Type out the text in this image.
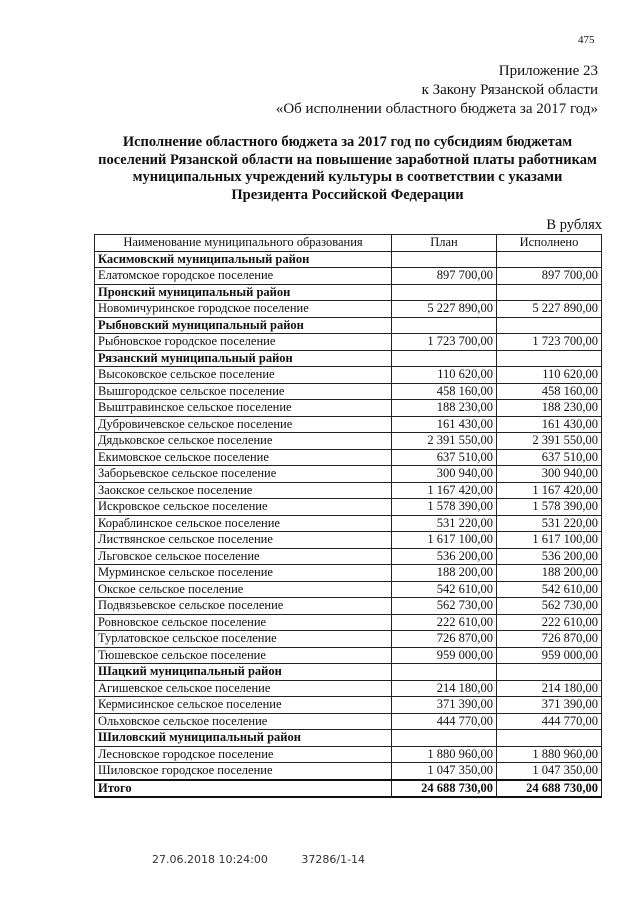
475
Приложение 23
к Закону Рязанской области
«Об исполнении областного бюджета за 2017 год»
Исполнение областного бюджета за 2017 год по субсидиям бюджетам поселений Рязанской области на повышение заработной платы работникам муниципальных учреждений культуры в соответствии с указами Президента Российской Федерации
В рублях
Наименование муниципального образования	План	Исполнено
Касимовский муниципальный район		
Елатомское городское поселение	897 700,00	897 700,00
Пронский муниципальный район		
Новомичуринское городское поселение	5 227 890,00	5 227 890,00
Рыбновский муниципальный район		
Рыбновское городское поселение	1 723 700,00	1 723 700,00
Рязанский муниципальный район		
Высоковское сельское поселение	110 620,00	110 620,00
Вышгородское сельское поселение	458 160,00	458 160,00
Выштравинское сельское поселение	188 230,00	188 230,00
Дубровичевское сельское поселение	161 430,00	161 430,00
Дядьковское сельское поселение	2 391 550,00	2 391 550,00
Екимовское сельское поселение	637 510,00	637 510,00
Заборьевское сельское поселение	300 940,00	300 940,00
Заокское сельское поселение	1 167 420,00	1 167 420,00
Искровское сельское поселение	1 578 390,00	1 578 390,00
Кораблинское сельское поселение	531 220,00	531 220,00
Листвянское сельское поселение	1 617 100,00	1 617 100,00
Льговское сельское поселение	536 200,00	536 200,00
Мурминское сельское поселение	188 200,00	188 200,00
Окское сельское поселение	542 610,00	542 610,00
Подвязьевское сельское поселение	562 730,00	562 730,00
Ровновское сельское поселение	222 610,00	222 610,00
Турлатовское сельское поселение	726 870,00	726 870,00
Тюшевское сельское поселение	959 000,00	959 000,00
Шацкий муниципальный район		
Агишевское сельское поселение	214 180,00	214 180,00
Кермисинское сельское поселение	371 390,00	371 390,00
Ольховское сельское поселение	444 770,00	444 770,00
Шиловский муниципальный район		
Лесновское городское поселение	1 880 960,00	1 880 960,00
Шиловское городское поселение	1 047 350,00	1 047 350,00
Итого	24 688 730,00	24 688 730,00
27.06.2018 10:24:00	37286/1-14
